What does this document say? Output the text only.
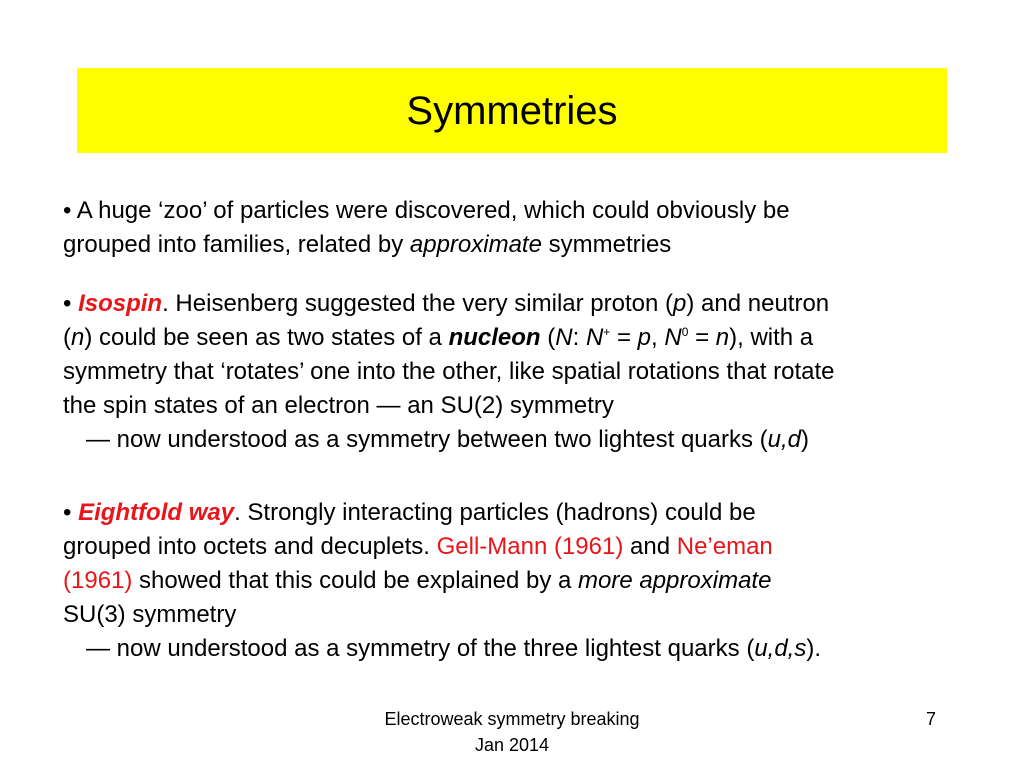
Symmetries
• A huge ‘zoo’ of particles were discovered, which could obviously be
grouped into families, related by approximate symmetries
• Isospin. Heisenberg suggested the very similar proton (p) and neutron
(n) could be seen as two states of a nucleon (N: N+ = p, $N^0 = n$), with a
symmetry that ‘rotates’ one into the other, like spatial rotations that rotate
the spin states of an electron — an SU(2) symmetry
— now understood as a symmetry between two lightest quarks (u,d)
• Eightfold way. Strongly interacting particles (hadrons) could be
grouped into octets and decuplets. Gell-Mann (1961) and Ne’eman
(1961) showed that this could be explained by a more approximate
SU(3) symmetry
— now understood as a symmetry of the three lightest quarks (u,d,s).
Electroweak symmetry breaking
Jan 2014
7
